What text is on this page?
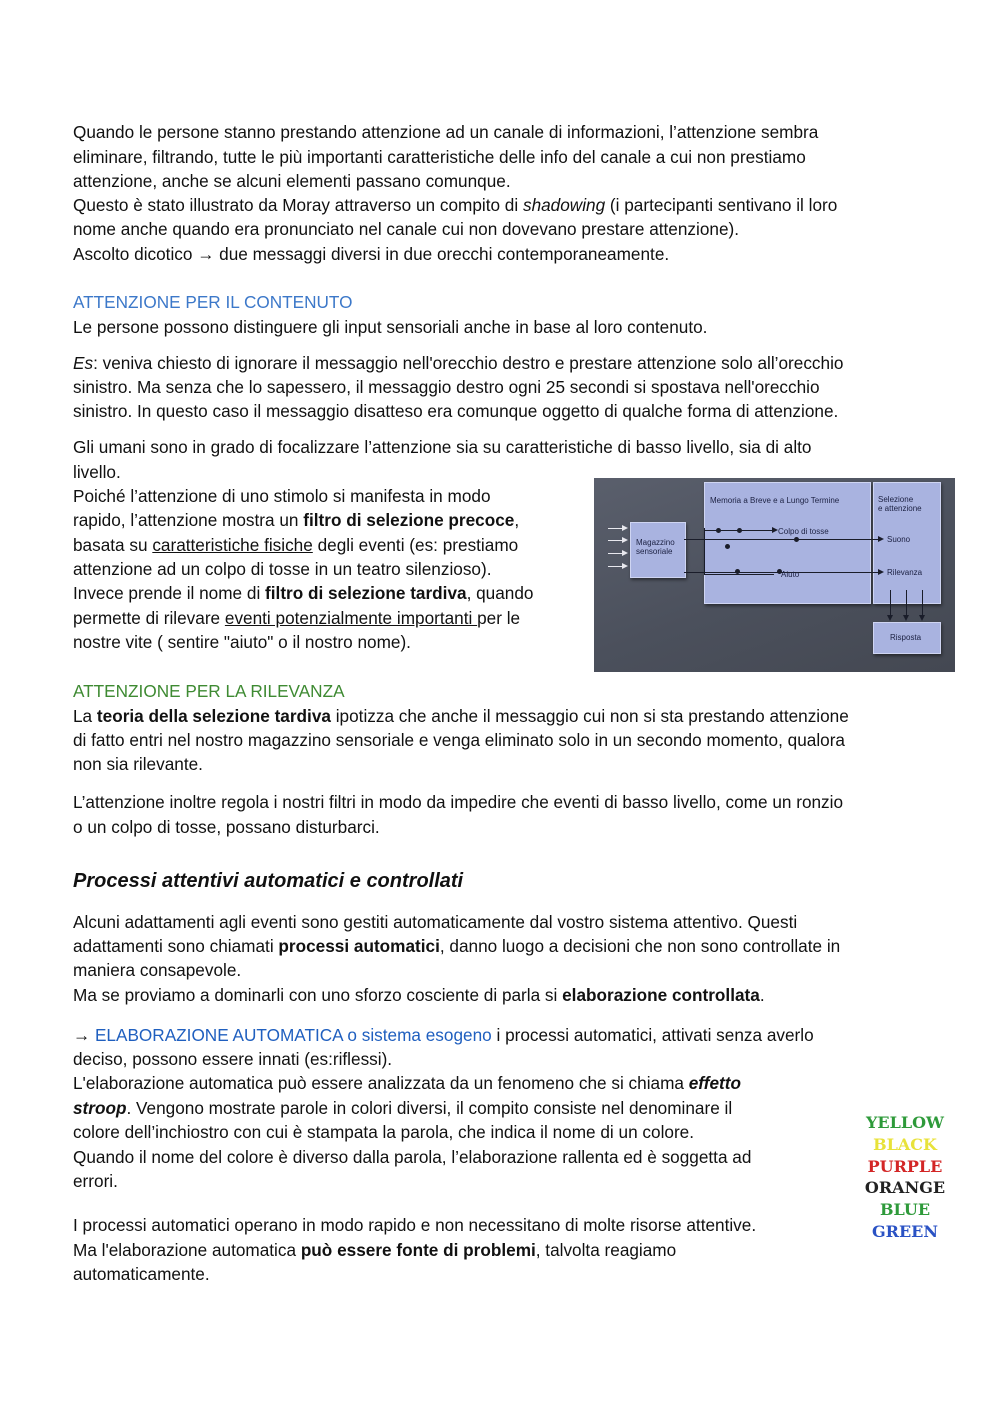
Quando le persone stanno prestando attenzione ad un canale di informazioni, l’attenzione sembra

eliminare, filtrando, tutte le più importanti caratteristiche delle info del canale a cui non prestiamo

attenzione, anche se alcuni elementi passano comunque.

Questo è stato illustrato da Moray attraverso un compito di shadowing (i partecipanti sentivano il loro

nome anche quando era pronunciato nel canale cui non dovevano prestare attenzione).

Ascolto dicotico → due messaggi diversi in due orecchi contemporaneamente.

ATTENZIONE PER IL CONTENUTO

Le persone possono distinguere gli input sensoriali anche in base al loro contenuto.

Es: veniva chiesto di ignorare il messaggio nell'orecchio destro e prestare attenzione solo all’orecchio

sinistro. Ma senza che lo sapessero, il messaggio destro ogni 25 secondi si spostava nell'orecchio

sinistro. In questo caso il messaggio disatteso era comunque oggetto di qualche forma di attenzione.

Gli umani sono in grado di focalizzare l’attenzione sia su caratteristiche di basso livello, sia di alto

livello.

Poiché l’attenzione di uno stimolo si manifesta in modo

rapido, l’attenzione mostra un filtro di selezione precoce,

basata su caratteristiche fisiche degli eventi (es: prestiamo

attenzione ad un colpo di tosse in un teatro silenzioso).

Invece prende il nome di filtro di selezione tardiva, quando

permette di rilevare eventi potenzialmente importanti per le

nostre vite ( sentire "aiuto" o il nostro nome).

Memoria a Breve e a Lungo Termine	Selezione
e attenzione
Magazzino
sensoriale
Colpo di tosse
Aiuto
Suono
Rilevanza
Risposta

ATTENZIONE PER LA RILEVANZA

La teoria della selezione tardiva ipotizza che anche il messaggio cui non si sta prestando attenzione

di fatto entri nel nostro magazzino sensoriale e venga eliminato solo in un secondo momento, qualora

non sia rilevante.

L’attenzione inoltre regola i nostri filtri in modo da impedire che eventi di basso livello, come un ronzio

o un colpo di tosse, possano disturbarci.

Processi attentivi automatici e controllati

Alcuni adattamenti agli eventi sono gestiti automaticamente dal vostro sistema attentivo. Questi

adattamenti sono chiamati processi automatici, danno luogo a decisioni che non sono controllate in

maniera consapevole.

Ma se proviamo a dominarli con uno sforzo cosciente di parla si elaborazione controllata.

→ ELABORAZIONE AUTOMATICA o sistema esogeno i processi automatici, attivati senza averlo

deciso, possono essere innati (es:riflessi).

L'elaborazione automatica può essere analizzata da un fenomeno che si chiama effetto

stroop. Vengono mostrate parole in colori diversi, il compito consiste nel denominare il

colore dell’inchiostro con cui è stampata la parola, che indica il nome di un colore.

Quando il nome del colore è diverso dalla parola, l’elaborazione rallenta ed è soggetta ad

errori.

I processi automatici operano in modo rapido e non necessitano di molte risorse attentive.

Ma l'elaborazione automatica può essere fonte di problemi, talvolta reagiamo

automaticamente.

YELLOW
BLACK
PURPLE
ORANGE
BLUE
GREEN
